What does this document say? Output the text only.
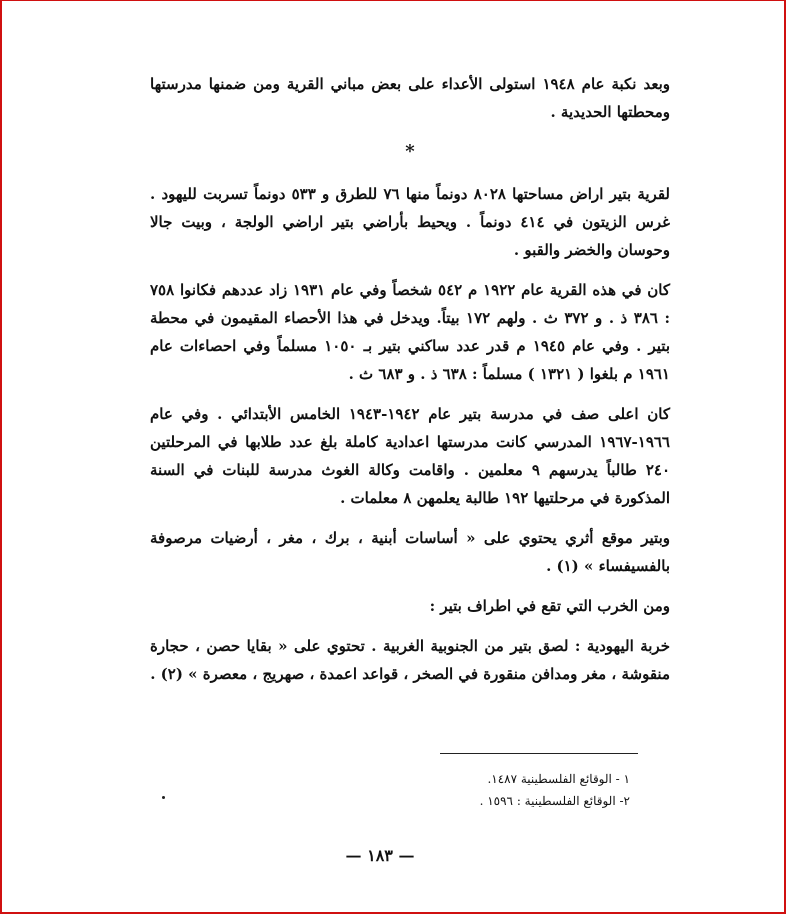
وبعد نكبة عام ١٩٤٨ استولى الأعداء على بعض مباني القرية ومن ضمنها مدرستها ومحطتها الحديدية .

*

لقرية بتير اراض مساحتها ٨٠٢٨ دونماً منها ٧٦ للطرق و ٥٣٣ دونماً تسربت لليهود . غرس الزيتون في ٤١٤ دونماً . ويحيط بأراضي بتير اراضي الولجة ، وبيت جالا وحوسان والخضر والقبو .

كان في هذه القرية عام ١٩٢٢ م ٥٤٢ شخصاً وفي عام ١٩٣١ زاد عددهم فكانوا ٧٥٨ : ٣٨٦ ذ . و ٣٧٢ ث . ولهم ١٧٢ بيتاً. ويدخل في هذا الأحصاء المقيمون في محطة بتير . وفي عام ١٩٤٥ م قدر عدد ساكني بتير بـ ١٠٥٠ مسلماً وفي احصاءات عام ١٩٦١ م بلغوا ( ١٣٢١ ) مسلماً : ٦٣٨ ذ . و ٦٨٣ ث .

كان اعلى صف في مدرسة بتير عام ١٩٤٢-١٩٤٣ الخامس الأبتدائي . وفي عام ١٩٦٦-١٩٦٧ المدرسي كانت مدرستها اعدادية كاملة بلغ عدد طلابها في المرحلتين ٢٤٠ طالباً يدرسهم ٩ معلمين . واقامت وكالة الغوث مدرسة للبنات في السنة المذكورة في مرحلتيها ١٩٢ طالبة يعلمهن ٨ معلمات .

وبتير موقع أثري يحتوي على « أساسات أبنية ، برك ، مغر ، أرضيات مرصوفة بالفسيفساء » (١) .

ومن الخرب التي تقع في اطراف بتير :

خربة اليهودية : لصق بتير من الجنوبية الغربية . تحتوي على « بقايا حصن ، حجارة منقوشة ، مغر ومدافن منقورة في الصخر ، قواعد اعمدة ، صهريج ، معصرة » (٢) .

١ - الوقائع الفلسطينية ١٤٨٧.
٢- الوقائع الفلسطينية : ١٥٩٦ .
— ١٨٣ —
